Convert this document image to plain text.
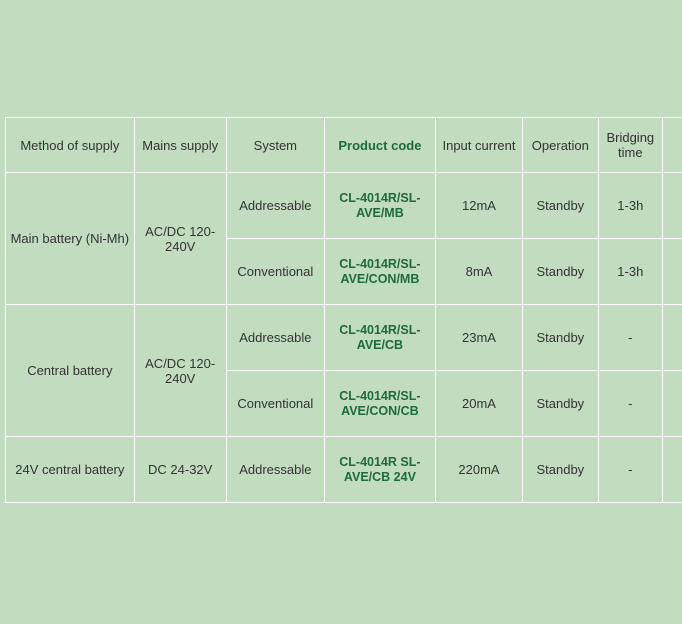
Method of supply	Mains supply	System	Product code	Input current	Operation	Bridging time	
Main battery (Ni-Mh)	AC/DC 120-240V	Addressable	CL-4014R/SL-AVE/MB	12mA	Standby	1-3h	
		Conventional	CL-4014R/SL-AVE/CON/MB	8mA	Standby	1-3h	
Central battery	AC/DC 120-240V	Addressable	CL-4014R/SL-AVE/CB	23mA	Standby	-	
		Conventional	CL-4014R/SL-AVE/CON/CB	20mA	Standby	-	
24V central battery	DC 24-32V	Addressable	CL-4014R SL-AVE/CB 24V	220mA	Standby	-	
